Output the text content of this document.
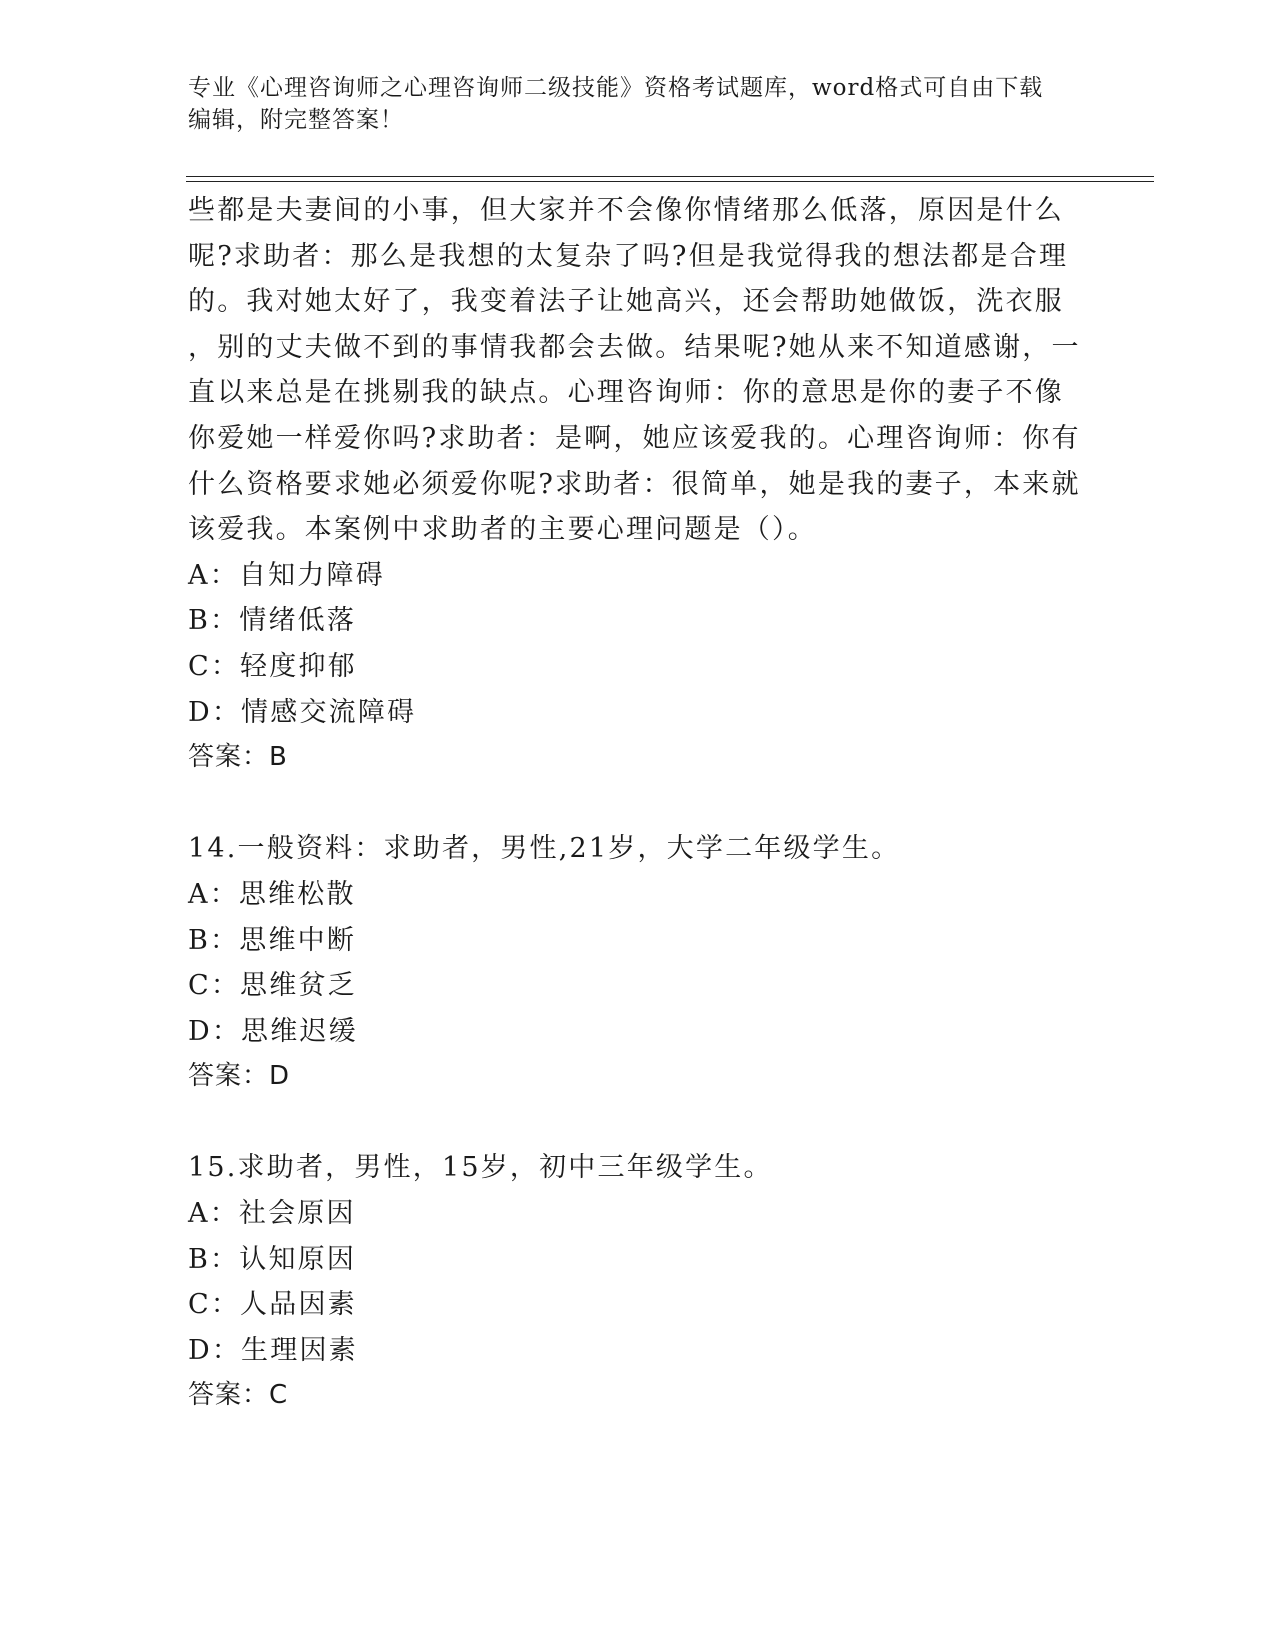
专业《心理咨询师之心理咨询师二级技能》资格考试题库，word格式可自由下载
编辑，附完整答案！
些都是夫妻间的小事，但大家并不会像你情绪那么低落，原因是什么
呢?求助者：那么是我想的太复杂了吗?但是我觉得我的想法都是合理
的。我对她太好了，我变着法子让她高兴，还会帮助她做饭，洗衣服
，别的丈夫做不到的事情我都会去做。结果呢?她从来不知道感谢，一
直以来总是在挑剔我的缺点。心理咨询师：你的意思是你的妻子不像
你爱她一样爱你吗?求助者：是啊，她应该爱我的。心理咨询师：你有
什么资格要求她必须爱你呢?求助者：很简单，她是我的妻子，本来就
该爱我。本案例中求助者的主要心理问题是（）。
A：自知力障碍
B：情绪低落
C：轻度抑郁
D：情感交流障碍
答案：B
14.一般资料：求助者，男性,21岁，大学二年级学生。
A：思维松散
B：思维中断
C：思维贫乏
D：思维迟缓
答案：D
15.求助者，男性，15岁，初中三年级学生。
A：社会原因
B：认知原因
C：人品因素
D：生理因素
答案：C
